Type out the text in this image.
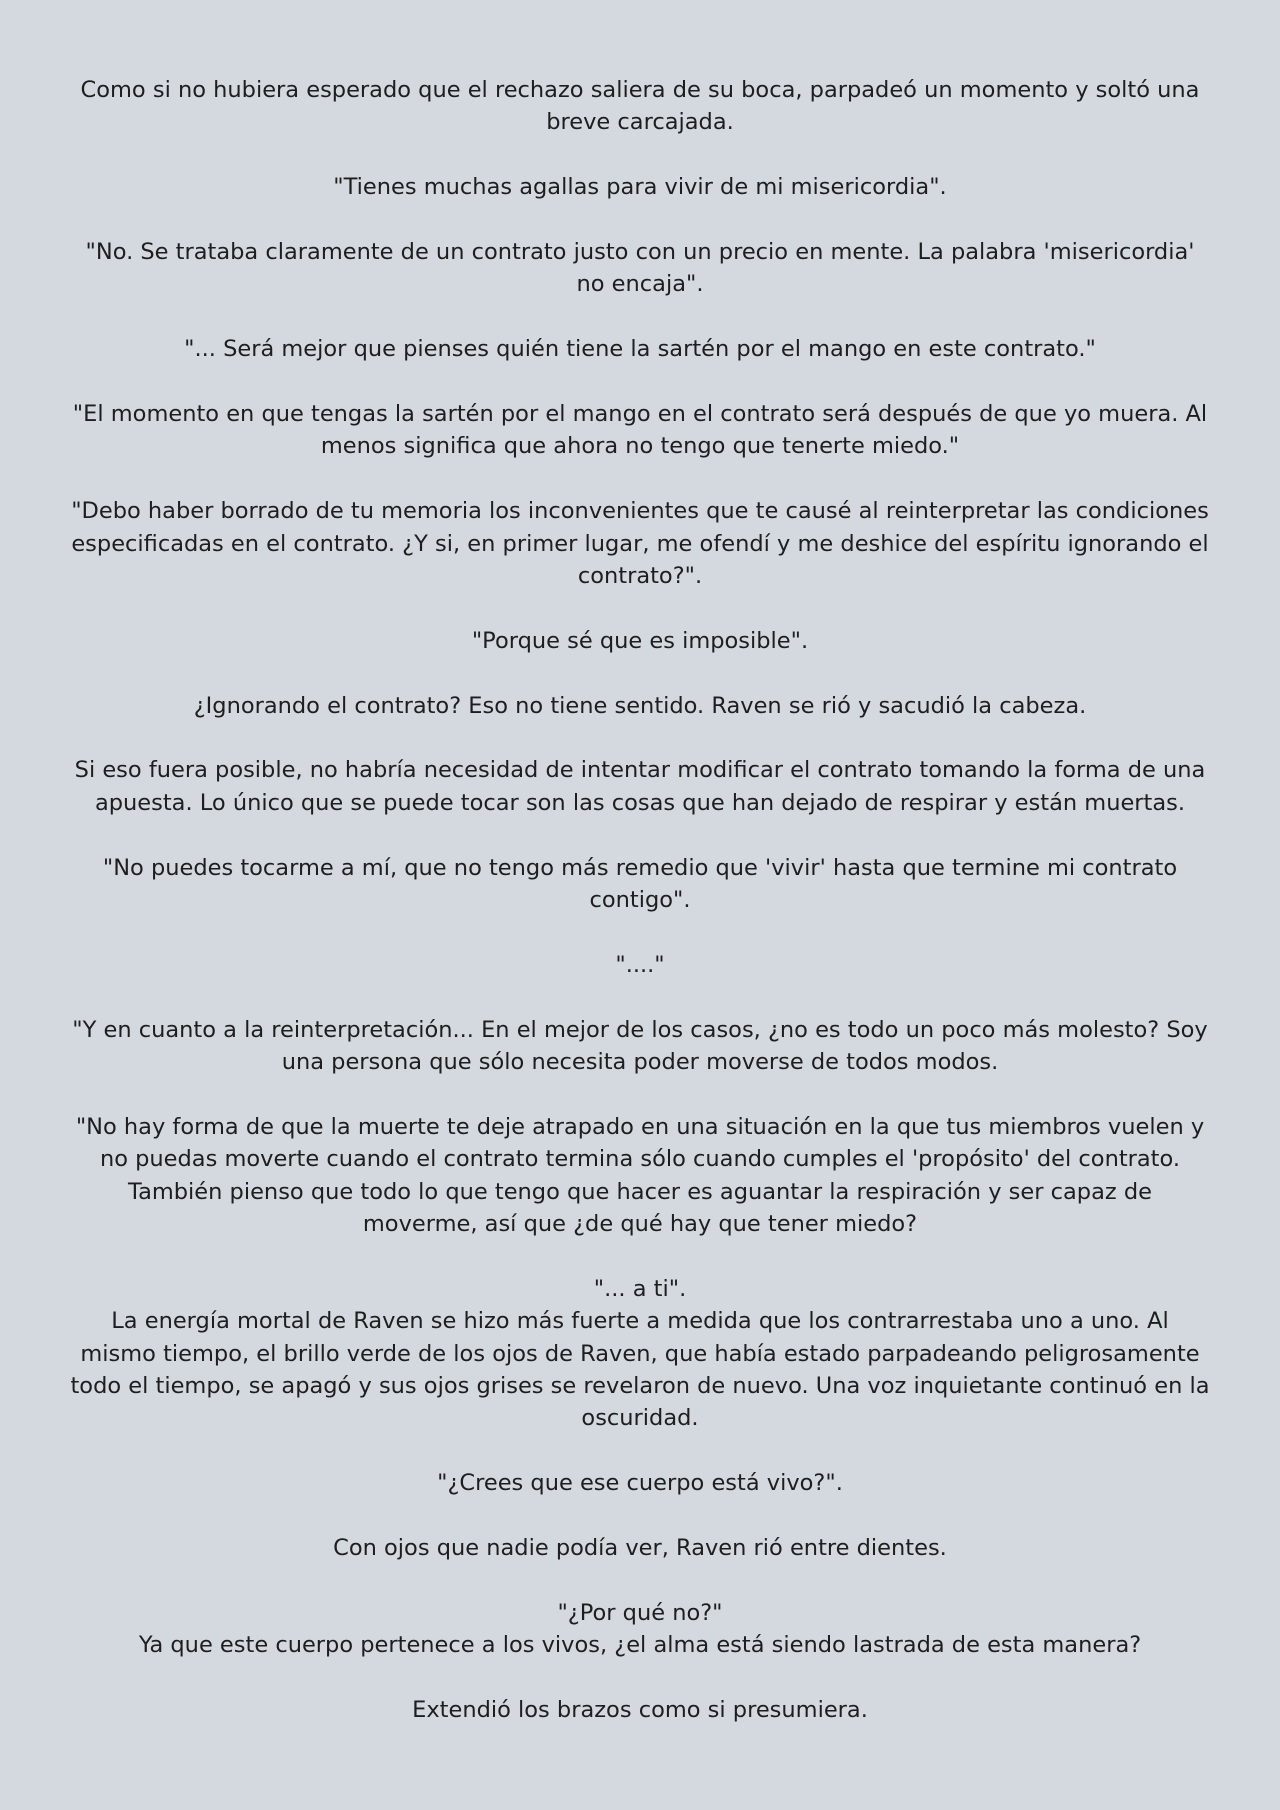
Como si no hubiera esperado que el rechazo saliera de su boca, parpadeó un momento y soltó una breve carcajada.

"Tienes muchas agallas para vivir de mi misericordia".

"No. Se trataba claramente de un contrato justo con un precio en mente. La palabra 'misericordia' no encaja".

"... Será mejor que pienses quién tiene la sartén por el mango en este contrato."

"El momento en que tengas la sartén por el mango en el contrato será después de que yo muera. Al menos significa que ahora no tengo que tenerte miedo."

"Debo haber borrado de tu memoria los inconvenientes que te causé al reinterpretar las condiciones especificadas en el contrato. ¿Y si, en primer lugar, me ofendí y me deshice del espíritu ignorando el contrato?".

"Porque sé que es imposible".

¿Ignorando el contrato? Eso no tiene sentido. Raven se rió y sacudió la cabeza.

Si eso fuera posible, no habría necesidad de intentar modificar el contrato tomando la forma de una apuesta. Lo único que se puede tocar son las cosas que han dejado de respirar y están muertas.

"No puedes tocarme a mí, que no tengo más remedio que 'vivir' hasta que termine mi contrato contigo".

"...."

"Y en cuanto a la reinterpretación... En el mejor de los casos, ¿no es todo un poco más molesto? Soy una persona que sólo necesita poder moverse de todos modos.

"No hay forma de que la muerte te deje atrapado en una situación en la que tus miembros vuelen y no puedas moverte cuando el contrato termina sólo cuando cumples el 'propósito' del contrato. También pienso que todo lo que tengo que hacer es aguantar la respiración y ser capaz de moverme, así que ¿de qué hay que tener miedo?

"... a ti".

La energía mortal de Raven se hizo más fuerte a medida que los contrarrestaba uno a uno. Al mismo tiempo, el brillo verde de los ojos de Raven, que había estado parpadeando peligrosamente todo el tiempo, se apagó y sus ojos grises se revelaron de nuevo. Una voz inquietante continuó en la oscuridad.

"¿Crees que ese cuerpo está vivo?".

Con ojos que nadie podía ver, Raven rió entre dientes.

"¿Por qué no?"

Ya que este cuerpo pertenece a los vivos, ¿el alma está siendo lastrada de esta manera?

Extendió los brazos como si presumiera.
